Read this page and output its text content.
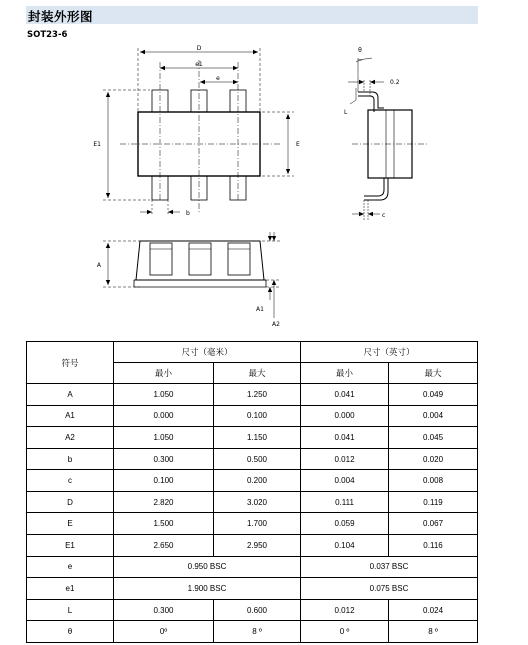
封装外形图
SOT23-6
D
e1
e
E1	E
b
θ
0.2
L
c
A
A1
A2
符号	尺寸（毫米）		尺寸（英寸）	
	最小	最大	最小	最大
A	1.050	1.250	0.041	0.049
A1	0.000	0.100	0.000	0.004
A2	1.050	1.150	0.041	0.045
b	0.300	0.500	0.012	0.020
c	0.100	0.200	0.004	0.008
D	2.820	3.020	0.111	0.119
E	1.500	1.700	0.059	0.067
E1	2.650	2.950	0.104	0.116
e	0.950 BSC		0.037 BSC	
e1	1.900 BSC		0.075 BSC	
L	0.300	0.600	0.012	0.024
θ	0º	8 º	0 º	8 º
